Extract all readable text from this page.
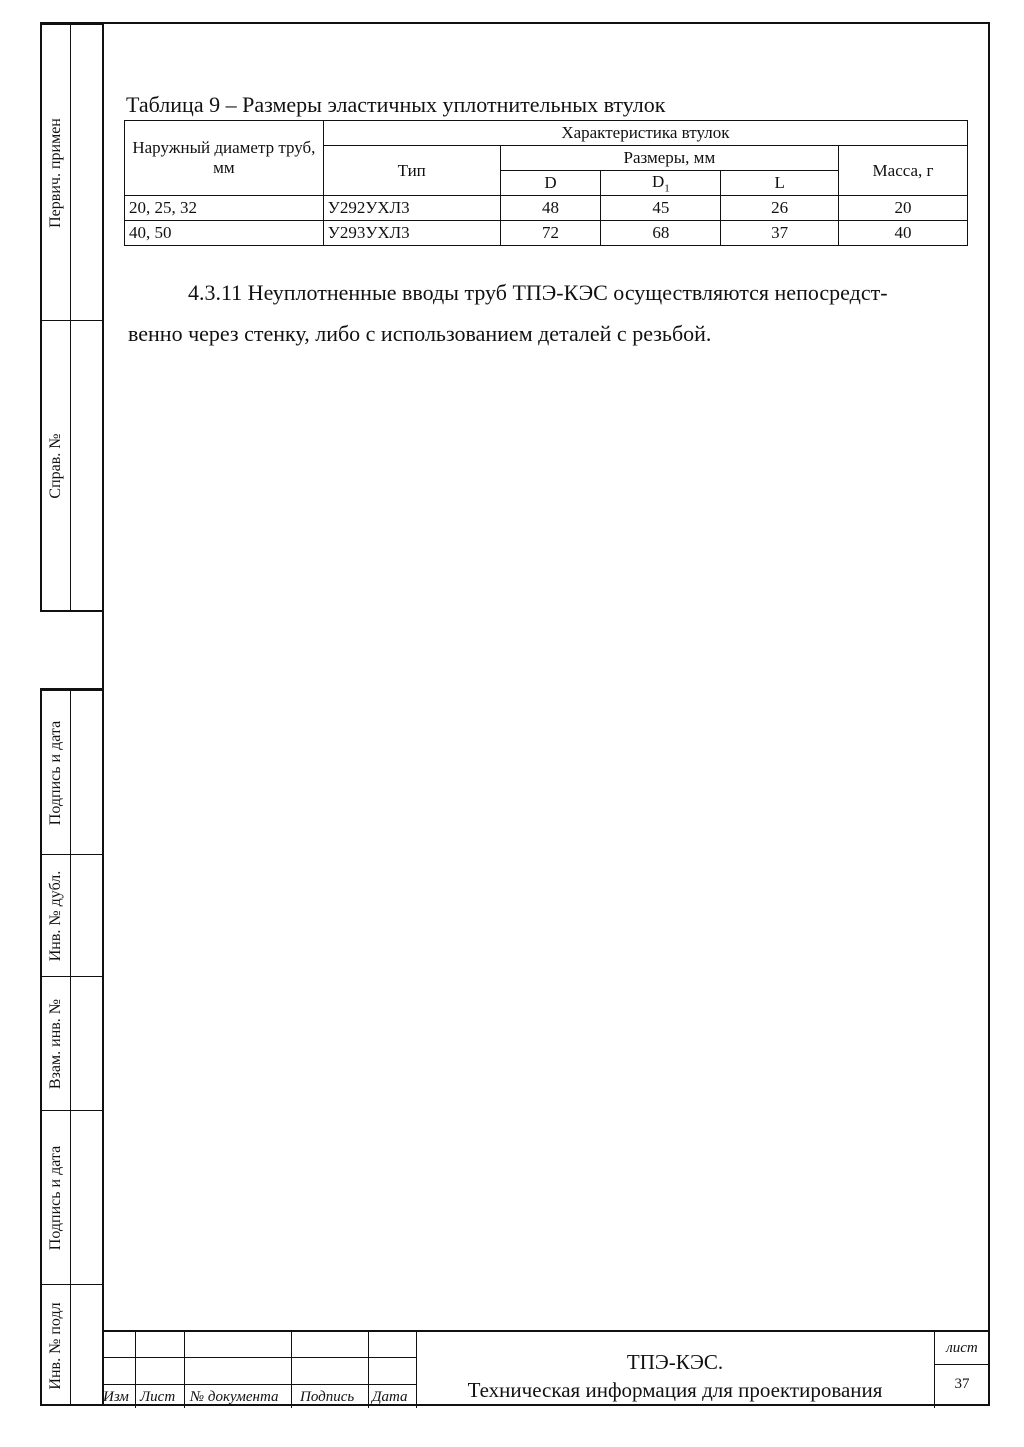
Первич. примен
Справ. №
Подпись и дата
Инв. № дубл.
Взам. инв. №
Подпись и дата
Инв. № подл
Таблица 9 – Размеры эластичных уплотнительных втулок
Наружный диаметр труб, мм	Характеристика втулок				
	Тип	Размеры, мм			Масса, г
		D	$D_1$	L	
20, 25, 32	У292УХЛ3	48	45	26	20
40, 50	У293УХЛ3	72	68	37	40
4.3.11 Неуплотненные вводы труб ТПЭ-КЭС осуществляются непосредст-
венно через стенку, либо с использованием деталей с резьбой.
Изм Лист № документа Подпись Дата
ТПЭ-КЭС.
Техническая информация для проектирования
лист
37
